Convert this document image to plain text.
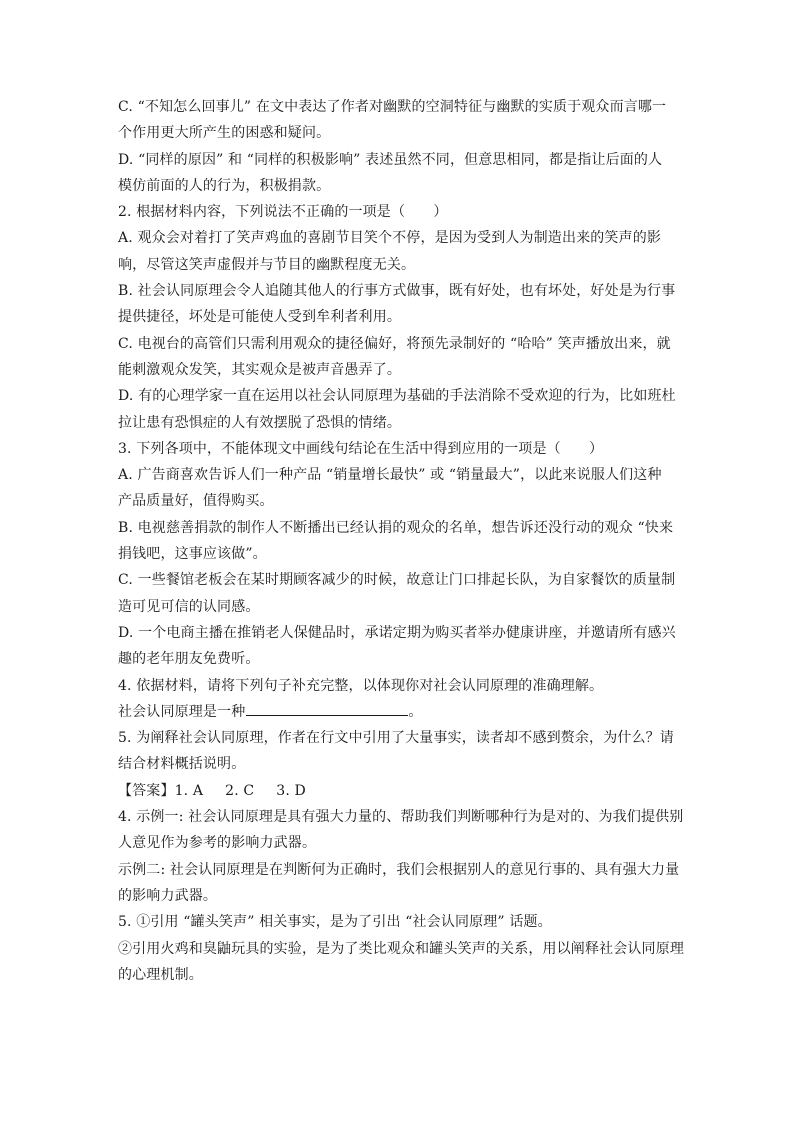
C. “不知怎么回事儿” 在文中表达了作者对幽默的空洞特征与幽默的实质于观众而言哪一
个作用更大所产生的困惑和疑问。
D. “同样的原因” 和 “同样的积极影响” 表述虽然不同，但意思相同，都是指让后面的人
模仿前面的人的行为，积极捐款。
2. 根据材料内容，下列说法不正确的一项是（　　）
A. 观众会对着打了笑声鸡血的喜剧节目笑个不停，是因为受到人为制造出来的笑声的影
响，尽管这笑声虚假并与节目的幽默程度无关。
B. 社会认同原理会令人追随其他人的行事方式做事，既有好处，也有坏处，好处是为行事
提供捷径，坏处是可能使人受到牟利者利用。
C. 电视台的高管们只需利用观众的捷径偏好，将预先录制好的 “哈哈” 笑声播放出来，就
能刺激观众发笑，其实观众是被声音愚弄了。
D. 有的心理学家一直在运用以社会认同原理为基础的手法消除不受欢迎的行为，比如班杜
拉让患有恐惧症的人有效摆脱了恐惧的情绪。
3. 下列各项中，不能体现文中画线句结论在生活中得到应用的一项是（　　）
A. 广告商喜欢告诉人们一种产品 “销量增长最快” 或 “销量最大”，以此来说服人们这种
产品质量好，值得购买。
B. 电视慈善捐款的制作人不断播出已经认捐的观众的名单，想告诉还没行动的观众 “快来
捐钱吧，这事应该做”。
C. 一些餐馆老板会在某时期顾客减少的时候，故意让门口排起长队，为自家餐饮的质量制
造可见可信的认同感。
D. 一个电商主播在推销老人保健品时，承诺定期为购买者举办健康讲座，并邀请所有感兴
趣的老年朋友免费听。
4. 依据材料，请将下列句子补充完整，以体现你对社会认同原理的准确理解。
社会认同原理是一种	。
5. 为阐释社会认同原理，作者在行文中引用了大量事实，读者却不感到赘余，为什么？请
结合材料概括说明。
【答案】1. A 2. C 3. D
4. 示例一: 社会认同原理是具有强大力量的、帮助我们判断哪种行为是对的、为我们提供别
人意见作为参考的影响力武器。
示例二: 社会认同原理是在判断何为正确时，我们会根据别人的意见行事的、具有强大力量
的影响力武器。
5. ①引用 “罐头笑声” 相关事实，是为了引出 “社会认同原理” 话题。
②引用火鸡和臭鼬玩具的实验，是为了类比观众和罐头笑声的关系，用以阐释社会认同原理
的心理机制。
